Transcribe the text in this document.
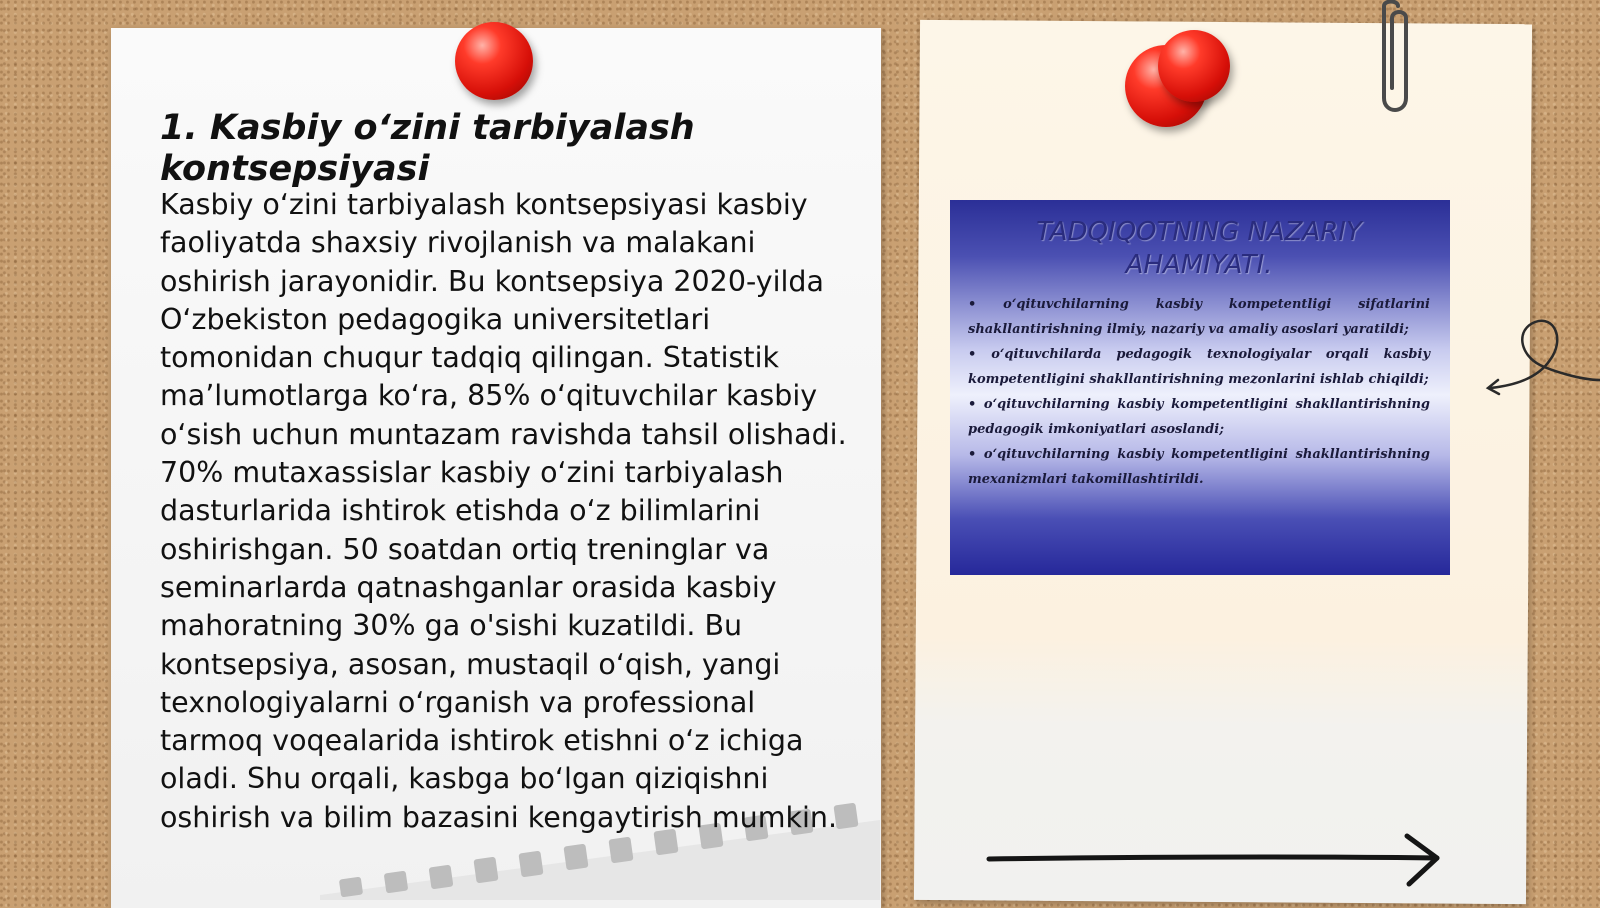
1. Kasbiy oʻzini tarbiyalash kontsepsiyasi

Kasbiy oʻzini tarbiyalash kontsepsiyasi kasbiy faoliyatda shaxsiy rivojlanish va malakani oshirish jarayonidir. Bu kontsepsiya 2020-yilda Oʻzbekiston pedagogika universitetlari tomonidan chuqur tadqiq qilingan. Statistik maʼlumotlarga koʻra, 85% oʻqituvchilar kasbiy oʻsish uchun muntazam ravishda tahsil olishadi. 70% mutaxassislar kasbiy oʻzini tarbiyalash dasturlarida ishtirok etishda oʻz bilimlarini oshirishgan. 50 soatdan ortiq treninglar va seminarlarda qatnashganlar orasida kasbiy mahoratning 30% ga o'sishi kuzatildi. Bu kontsepsiya, asosan, mustaqil oʻqish, yangi texnologiyalarni oʻrganish va professional tarmoq voqealarida ishtirok etishni oʻz ichiga oladi. Shu orqali, kasbga boʻlgan qiziqishni oshirish va bilim bazasini kengaytirish mumkin.

TADQIQOTNING NAZARIY
AHAMIYATI.

• oʻqituvchilarning kasbiy kompetentligi sifatlarini shakllantirishning ilmiy, nazariy va amaliy asoslari yaratildi;

• oʻqituvchilarda pedagogik texnologiyalar orqali kasbiy kompetentligini shakllantirishning mezonlarini ishlab chiqildi;

• oʻqituvchilarning kasbiy kompetentligini shakllantirishning pedagogik imkoniyatlari asoslandi;

• oʻqituvchilarning kasbiy kompetentligini shakllantirishning mexanizmlari takomillashtirildi.
